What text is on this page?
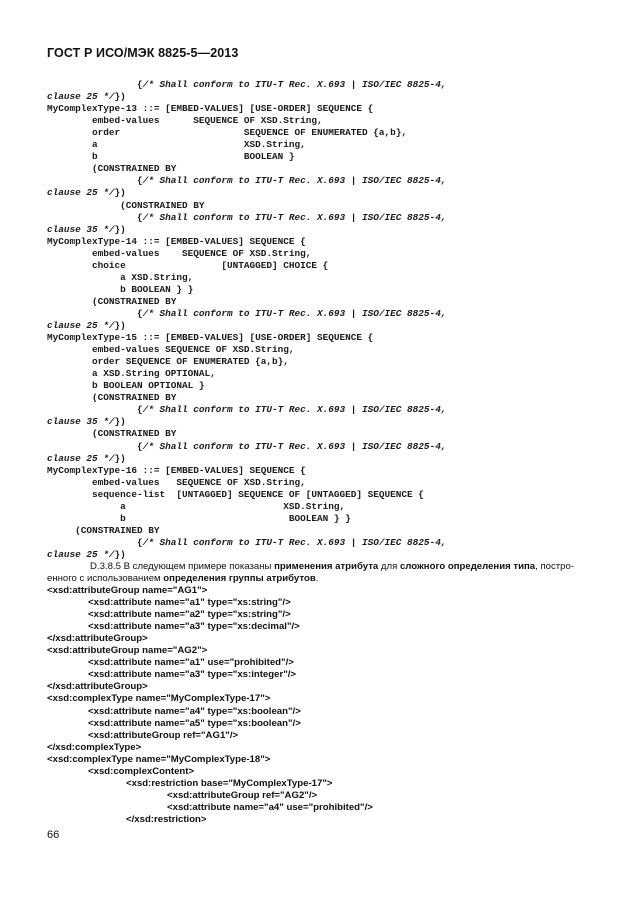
ГОСТ Р ИСО/МЭК 8825-5—2013
{/* Shall conform to ITU-T Rec. X.693 | ISO/IEC 8825-4,
clause 25 */})
MyComplexType-13 ::= [EMBED-VALUES] [USE-ORDER] SEQUENCE {
embed-values      SEQUENCE OF XSD.String,
order                      SEQUENCE OF ENUMERATED {a,b},
a                          XSD.String,
b                          BOOLEAN }
(CONSTRAINED BY
{/* Shall conform to ITU-T Rec. X.693 | ISO/IEC 8825-4,
clause 25 */})
(CONSTRAINED BY
{/* Shall conform to ITU-T Rec. X.693 | ISO/IEC 8825-4,
clause 35 */})
MyComplexType-14 ::= [EMBED-VALUES] SEQUENCE {
embed-values    SEQUENCE OF XSD.String,
choice                 [UNTAGGED] CHOICE {
a XSD.String,
b BOOLEAN } }
(CONSTRAINED BY
{/* Shall conform to ITU-T Rec. X.693 | ISO/IEC 8825-4,
clause 25 */})
MyComplexType-15 ::= [EMBED-VALUES] [USE-ORDER] SEQUENCE {
embed-values SEQUENCE OF XSD.String,
order SEQUENCE OF ENUMERATED {a,b},
a XSD.String OPTIONAL,
b BOOLEAN OPTIONAL }
(CONSTRAINED BY
{/* Shall conform to ITU-T Rec. X.693 | ISO/IEC 8825-4,
clause 35 */})
(CONSTRAINED BY
{/* Shall conform to ITU-T Rec. X.693 | ISO/IEC 8825-4,
clause 25 */})
MyComplexType-16 ::= [EMBED-VALUES] SEQUENCE {
embed-values   SEQUENCE OF XSD.String,
sequence-list  [UNTAGGED] SEQUENCE OF [UNTAGGED] SEQUENCE {
a                            XSD.String,
b                             BOOLEAN } }
(CONSTRAINED BY
{/* Shall conform to ITU-T Rec. X.693 | ISO/IEC 8825-4,
clause 25 */})
D.3.8.5 В следующем примере показаны применения атрибута для сложного определения типа, постро-
енного с использованием определения группы атрибутов.
<xsd:attributeGroup name="AG1">
<xsd:attribute name="a1" type="xs:string"/>
<xsd:attribute name="a2" type="xs:string"/>
<xsd:attribute name="a3" type="xs:decimal"/>
</xsd:attributeGroup>
<xsd:attributeGroup name="AG2">
<xsd:attribute name="a1" use="prohibited"/>
<xsd:attribute name="a3" type="xs:integer"/>
</xsd:attributeGroup>
<xsd:complexType name="MyComplexType-17">
<xsd:attribute name="a4" type="xs:boolean"/>
<xsd:attribute name="a5" type="xs:boolean"/>
<xsd:attributeGroup ref="AG1"/>
</xsd:complexType>
<xsd:complexType name="MyComplexType-18">
<xsd:complexContent>
<xsd:restriction base="MyComplexType-17">
<xsd:attributeGroup ref="AG2"/>
<xsd:attribute name="a4" use="prohibited"/>
</xsd:restriction>
66
